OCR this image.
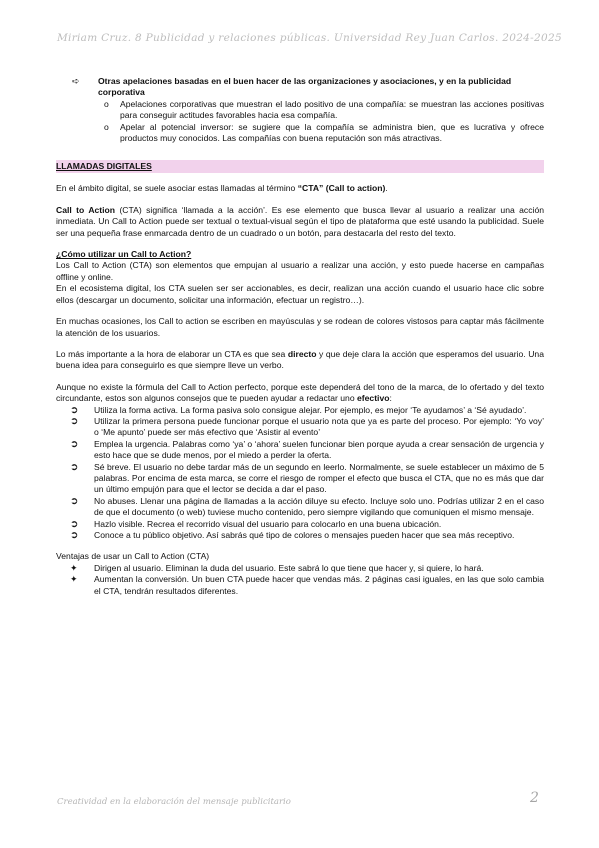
Miriam Cruz. 8 Publicidad y relaciones públicas. Universidad Rey Juan Carlos. 2024-2025
➪ Otras apelaciones basadas en el buen hacer de las organizaciones y asociaciones, y en la publicidad corporativa
o Apelaciones corporativas que muestran el lado positivo de una compañía: se muestran las acciones positivas para conseguir actitudes favorables hacia esa compañía.
o Apelar al potencial inversor: se sugiere que la compañía se administra bien, que es lucrativa y ofrece productos muy conocidos. Las compañías con buena reputación son más atractivas.
LLAMADAS DIGITALES

En el ámbito digital, se suele asociar estas llamadas al término “CTA” (Call to action).

Call to Action (CTA) significa ‘llamada a la acción’. Es ese elemento que busca llevar al usuario a realizar una acción inmediata. Un Call to Action puede ser textual o textual-visual según el tipo de plataforma que esté usando la publicidad. Suele ser una pequeña frase enmarcada dentro de un cuadrado o un botón, para destacarla del resto del texto.

¿Cómo utilizar un Call to Action?

Los Call to Action (CTA) son elementos que empujan al usuario a realizar una acción, y esto puede hacerse en campañas offline y online.

En el ecosistema digital, los CTA suelen ser ser accionables, es decir, realizan una acción cuando el usuario hace clic sobre ellos (descargar un documento, solicitar una información, efectuar un registro…).

En muchas ocasiones, los Call to action se escriben en mayúsculas y se rodean de colores vistosos para captar más fácilmente la atención de los usuarios.

Lo más importante a la hora de elaborar un CTA es que sea directo y que deje clara la acción que esperamos del usuario. Una buena idea para conseguirlo es que siempre lleve un verbo.

Aunque no existe la fórmula del Call to Action perfecto, porque este dependerá del tono de la marca, de lo ofertado y del texto circundante, estos son algunos consejos que te pueden ayudar a redactar uno efectivo:

➲ Utiliza la forma activa. La forma pasiva solo consigue alejar. Por ejemplo, es mejor ‘Te ayudamos’ a ‘Sé ayudado’.
➲ Utilizar la primera persona puede funcionar porque el usuario nota que ya es parte del proceso. Por ejemplo: ‘Yo voy’ o ‘Me apunto’ puede ser más efectivo que ‘Asistir al evento’
➲ Emplea la urgencia. Palabras como ‘ya’ o ‘ahora’ suelen funcionar bien porque ayuda a crear sensación de urgencia y esto hace que se dude menos, por el miedo a perder la oferta.
➲ Sé breve. El usuario no debe tardar más de un segundo en leerlo. Normalmente, se suele establecer un máximo de 5 palabras. Por encima de esta marca, se corre el riesgo de romper el efecto que busca el CTA, que no es más que dar un último empujón para que el lector se decida a dar el paso.
➲ No abuses. Llenar una página de llamadas a la acción diluye su efecto. Incluye solo uno. Podrías utilizar 2 en el caso de que el documento (o web) tuviese mucho contenido, pero siempre vigilando que comuniquen el mismo mensaje.
➲ Hazlo visible. Recrea el recorrido visual del usuario para colocarlo en una buena ubicación.
➲ Conoce a tu público objetivo. Así sabrás qué tipo de colores o mensajes pueden hacer que sea más receptivo.

Ventajas de usar un Call to Action (CTA)

✦ Dirigen al usuario. Eliminan la duda del usuario. Este sabrá lo que tiene que hacer y, si quiere, lo hará.
✦ Aumentan la conversión. Un buen CTA puede hacer que vendas más. 2 páginas casi iguales, en las que solo cambia el CTA, tendrán resultados diferentes.
Creatividad en la elaboración del mensaje publicitario	2
